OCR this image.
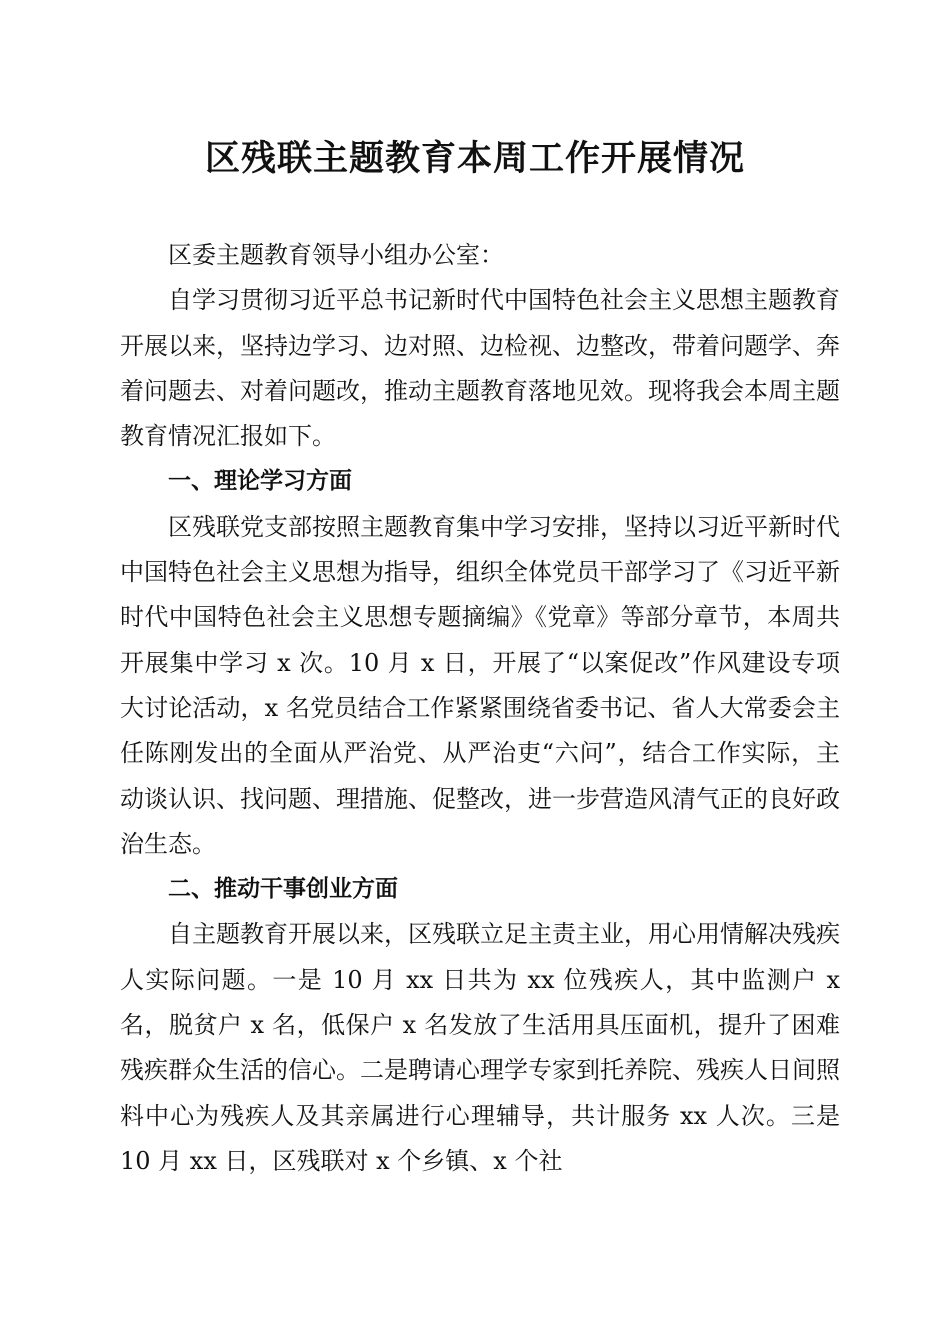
区残联主题教育本周工作开展情况

区委主题教育领导小组办公室：

自学习贯彻习近平总书记新时代中国特色社会主义思想主题教育开展以来，坚持边学习、边对照、边检视、边整改，带着问题学、奔着问题去、对着问题改，推动主题教育落地见效。现将我会本周主题教育情况汇报如下。

一、理论学习方面

区残联党支部按照主题教育集中学习安排，坚持以习近平新时代中国特色社会主义思想为指导，组织全体党员干部学习了《习近平新时代中国特色社会主义思想专题摘编》《党章》等部分章节，本周共开展集中学习 x 次。10 月 x 日，开展了“以案促改”作风建设专项大讨论活动，x 名党员结合工作紧紧围绕省委书记、省人大常委会主任陈刚发出的全面从严治党、从严治吏“六问”，结合工作实际，主动谈认识、找问题、理措施、促整改，进一步营造风清气正的良好政治生态。

二、推动干事创业方面

自主题教育开展以来，区残联立足主责主业，用心用情解决残疾人实际问题。一是 10 月 xx 日共为 xx 位残疾人，其中监测户 x 名，脱贫户 x 名，低保户 x 名发放了生活用具压面机，提升了困难残疾群众生活的信心。二是聘请心理学专家到托养院、残疾人日间照料中心为残疾人及其亲属进行心理辅导，共计服务 xx 人次。三是 10 月 xx 日，区残联对 x 个乡镇、x 个社
